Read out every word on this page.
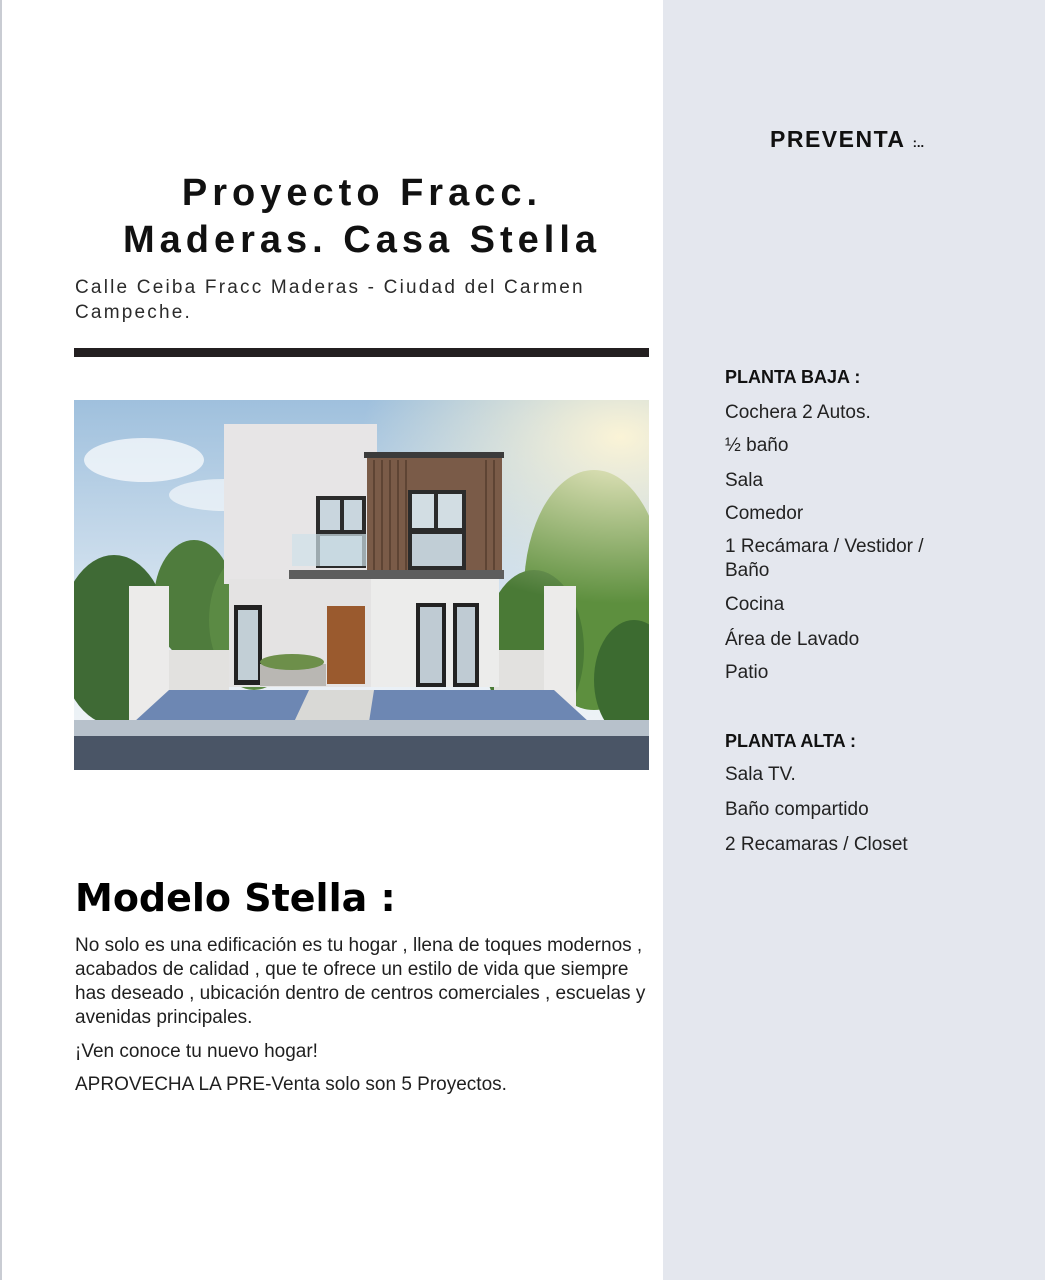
Proyecto Fracc.
Maderas. Casa Stella

Calle Ceiba Fracc Maderas - Ciudad del Carmen Campeche.

Modelo Stella :

No solo es una edificación es tu hogar , llena de toques modernos , acabados de calidad , que te ofrece un estilo de vida que siempre has deseado , ubicación dentro de centros comerciales , escuelas y avenidas principales.

¡Ven conoce tu nuevo hogar!

APROVECHA LA PRE-Venta solo son 5 Proyectos.

PREVENTA :..

PLANTA BAJA :

Cochera 2 Autos.
½ baño
Sala
Comedor
1 Recámara / Vestidor / Baño
Cocina
Área de Lavado
Patio

PLANTA ALTA :

Sala TV.
Baño compartido
2 Recamaras / Closet
